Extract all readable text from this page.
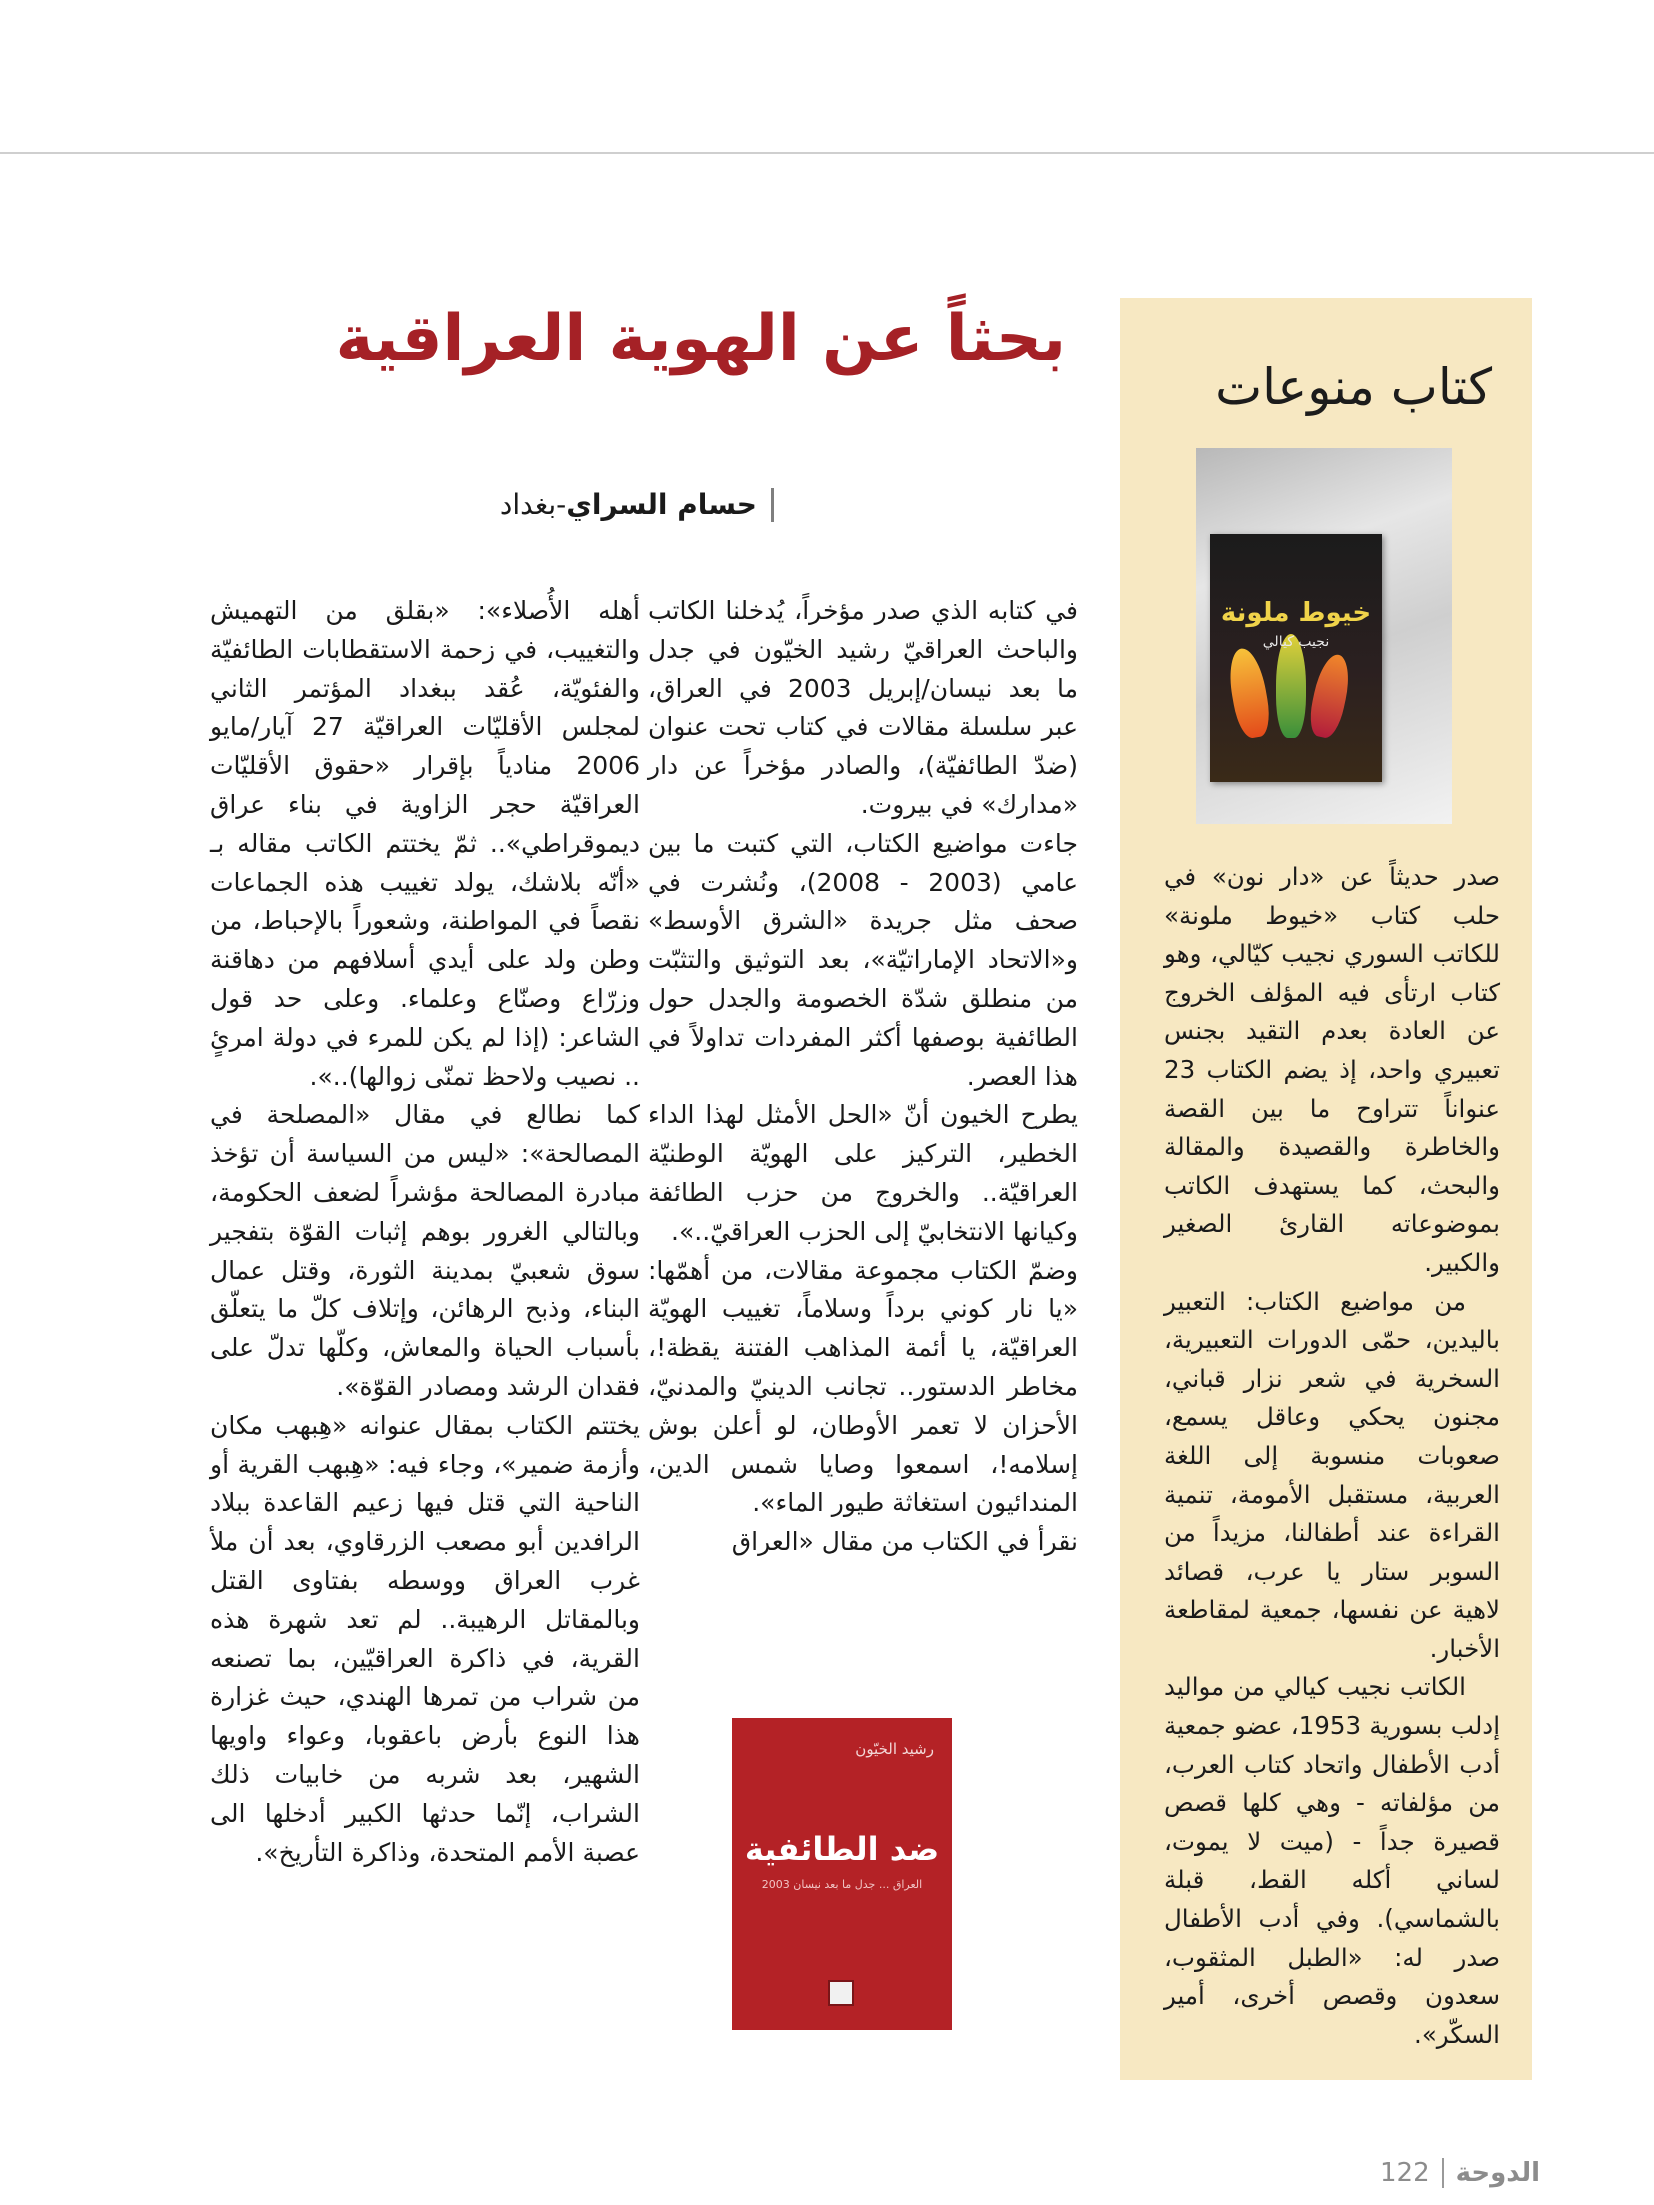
كتاب منوعات
خيوط ملونة
نجيب كيالي

صدر حديثاً عن «دار نون» في حلب كتاب «خيوط ملونة» للكاتب السوري نجيب كيّالي، وهو كتاب ارتأى فيه المؤلف الخروج عن العادة بعدم التقيد بجنس تعبيري واحد، إذ يضم الكتاب 23 عنواناً تتراوح ما بين القصة والخاطرة والقصيدة والمقالة والبحث، كما يستهدف الكاتب بموضوعاته القارئ الصغير والكبير.

من مواضيع الكتاب: التعبير باليدين، حمّى الدورات التعبيرية، السخرية في شعر نزار قباني، مجنون يحكي وعاقل يسمع، صعوبات منسوبة إلى اللغة العربية، مستقبل الأمومة، تنمية القراءة عند أطفالنا، مزيداً من السوبر ستار يا عرب، قصائد لاهية عن نفسها، جمعية لمقاطعة الأخبار.

الكاتب نجيب كيالي من مواليد إدلب بسورية 1953، عضو جمعية أدب الأطفال واتحاد كتاب العرب، من مؤلفاته - وهي كلها قصص قصيرة جداً - (ميت لا يموت، لساني أكله القط، قبلة بالشماسي). وفي أدب الأطفال صدر له: «الطبل المثقوب، سعدون وقصص أخرى، أمير السكّر».

بحثاً عن الهوية العراقية
حسام السراي-بغداد

في كتابه الذي صدر مؤخراً، يُدخلنا الكاتب والباحث العراقيّ رشيد الخيّون في جدل ما بعد نيسان/إبريل 2003 في العراق، عبر سلسلة مقالات في كتاب تحت عنوان (ضدّ الطائفيّة)، والصادر مؤخراً عن دار «مدارك» في بيروت.

جاءت مواضيع الكتاب، التي كتبت ما بين عامي (2003 - 2008)، ونُشرت في صحف مثل جريدة «الشرق الأوسط» و«الاتحاد الإماراتيّة»، بعد التوثيق والتثبّت من منطلق شدّة الخصومة والجدل حول الطائفية بوصفها أكثر المفردات تداولاً في هذا العصر.

يطرح الخيون أنّ «الحل الأمثل لهذا الداء الخطير، التركيز على الهويّة الوطنيّة العراقيّة.. والخروج من حزب الطائفة وكيانها الانتخابيّ إلى الحزب العراقيّ..».

وضمّ الكتاب مجموعة مقالات، من أهمّها: «يا نار كوني برداً وسلاماً، تغييب الهويّة العراقيّة، يا أئمة المذاهب الفتنة يقظة!، مخاطر الدستور.. تجانب الدينيّ والمدنيّ، الأحزان لا تعمر الأوطان، لو أعلن بوش إسلامه!، اسمعوا وصايا شمس الدين، المندائيون استغاثة طيور الماء».

نقرأ في الكتاب من مقال «العراق

أهله الأُصلاء»: «بقلق من التهميش والتغييب، في زحمة الاستقطابات الطائفيّة والفئويّة، عُقد ببغداد المؤتمر الثاني لمجلس الأقليّات العراقيّة 27 آيار/مايو 2006 منادياً بإقرار «حقوق الأقليّات العراقيّة حجر الزاوية في بناء عراق ديموقراطي».. ثمّ يختتم الكاتب مقاله بـ «أنّه بلاشك، يولد تغييب هذه الجماعات نقصاً في المواطنة، وشعوراً بالإحباط، من وطن ولد على أيدي أسلافهم من دهاقنة وزرّاع وصنّاع وعلماء. وعلى حد قول الشاعر: (إذا لم يكن للمرء في دولة امرئٍ .. نصيب ولاحظ تمنّى زوالها)..».

كما نطالع في مقال «المصلحة في المصالحة»: «ليس من السياسة أن تؤخذ مبادرة المصالحة مؤشراً لضعف الحكومة، وبالتالي الغرور بوهم إثبات القوّة بتفجير سوق شعبيّ بمدينة الثورة، وقتل عمال البناء، وذبح الرهائن، وإتلاف كلّ ما يتعلّق بأسباب الحياة والمعاش، وكلّها تدلّ على فقدان الرشد ومصادر القوّة».

يختتم الكتاب بمقال عنوانه «هِبهب مكان وأزمة ضمير»، وجاء فيه: «هِبهب القرية أو الناحية التي قتل فيها زعيم القاعدة ببلاد الرافدين أبو مصعب الزرقاوي، بعد أن ملأ غرب العراق ووسطه بفتاوى القتل وبالمقاتل الرهيبة.. لم تعد شهرة هذه القرية، في ذاكرة العراقيّين، بما تصنعه من شراب من تمرها الهندي، حيث غزارة هذا النوع بأرض باعقوبا، وعواء واويها الشهير، بعد شربه من خابيات ذلك الشراب، إنّما حدثها الكبير أدخلها الى عصبة الأمم المتحدة، وذاكرة التأريخ».

رشيد الخيّون
ضد الطائفية
العراق ... جدل ما بعد نيسان 2003
122 الدوحة
